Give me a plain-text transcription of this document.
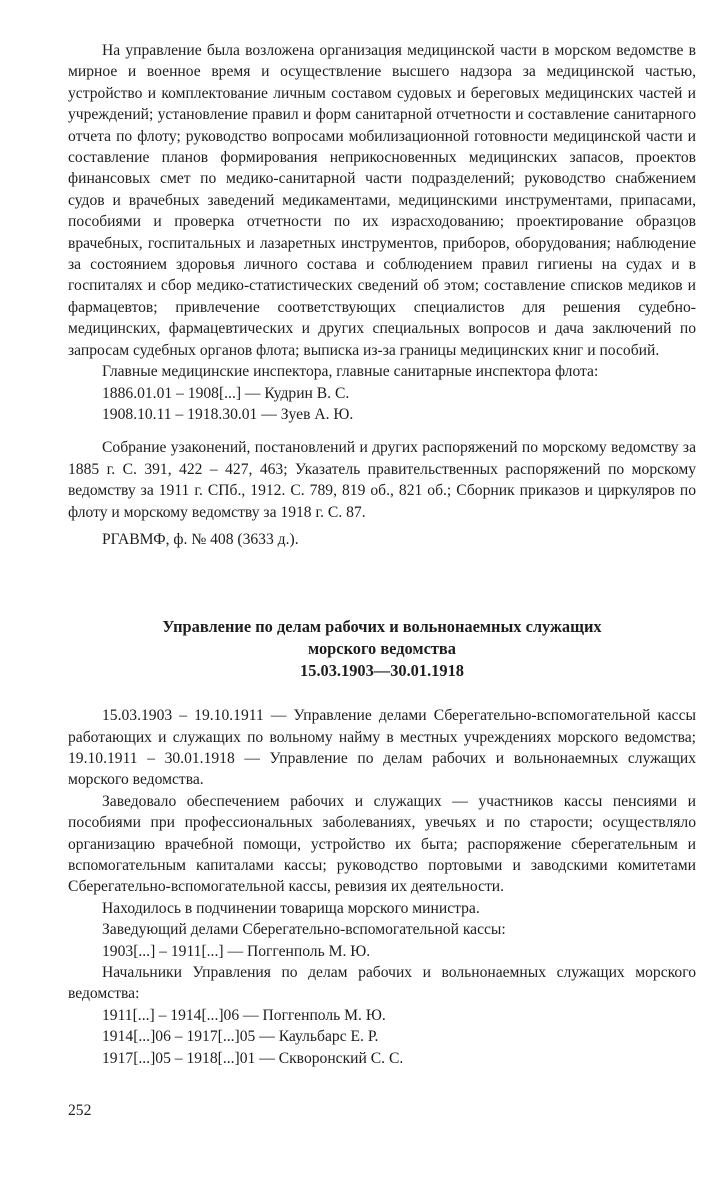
На управление была возложена организация медицинской части в морском ведомстве в мирное и военное время и осуществление высшего надзора за медицинской частью, устройство и комплектование личным составом судовых и береговых медицинских частей и учреждений; установление правил и форм санитарной отчетности и составление санитарного отчета по флоту; руководство вопросами мобилизационной готовности медицинской части и составление планов формирования неприкосновенных медицинских запасов, проектов финансовых смет по медико-санитарной части подразделений; руководство снабжением судов и врачебных заведений медикаментами, медицинскими инструментами, припасами, пособиями и проверка отчетности по их израсходованию; проектирование образцов врачебных, госпитальных и лазаретных инструментов, приборов, оборудования; наблюдение за состоянием здоровья личного состава и соблюдением правил гигиены на судах и в госпиталях и сбор медико-статистических сведений об этом; составление списков медиков и фармацевтов; привлечение соответствующих специалистов для решения судебно-медицинских, фармацевтических и других специальных вопросов и дача заключений по запросам судебных органов флота; выписка из-за границы медицинских книг и пособий.

Главные медицинские инспектора, главные санитарные инспектора флота:

1886.01.01 – 1908[...] — Кудрин В. С.

1908.10.11 – 1918.30.01 — Зуев А. Ю.

Собрание узаконений, постановлений и других распоряжений по морскому ведомству за 1885 г. С. 391, 422 – 427, 463; Указатель правительственных распоряжений по морскому ведомству за 1911 г. СПб., 1912. С. 789, 819 об., 821 об.; Сборник приказов и циркуляров по флоту и морскому ведомству за 1918 г. С. 87.

РГАВМФ, ф. № 408 (3633 д.).

Управление по делам рабочих и вольнонаемных служащих
морского ведомства
15.03.1903—30.01.1918

15.03.1903 – 19.10.1911 — Управление делами Сберегательно-вспомогательной кассы работающих и служащих по вольному найму в местных учреждениях морского ведомства; 19.10.1911 – 30.01.1918 — Управление по делам рабочих и вольнонаемных служащих морского ведомства.

Заведовало обеспечением рабочих и служащих — участников кассы пенсиями и пособиями при профессиональных заболеваниях, увечьях и по старости; осуществляло организацию врачебной помощи, устройство их быта; распоряжение сберегательным и вспомогательным капиталами кассы; руководство портовыми и заводскими комитетами Сберегательно-вспомогательной кассы, ревизия их деятельности.

Находилось в подчинении товарища морского министра.

Заведующий делами Сберегательно-вспомогательной кассы:

1903[...] – 1911[...] — Поггенполь М. Ю.

Начальники Управления по делам рабочих и вольнонаемных служащих морского ведомства:

1911[...] – 1914[...]06 — Поггенполь М. Ю.

1914[...]06 – 1917[...]05 — Каульбарс Е. Р.

1917[...]05 – 1918[...]01 — Скворонский С. С.

252
